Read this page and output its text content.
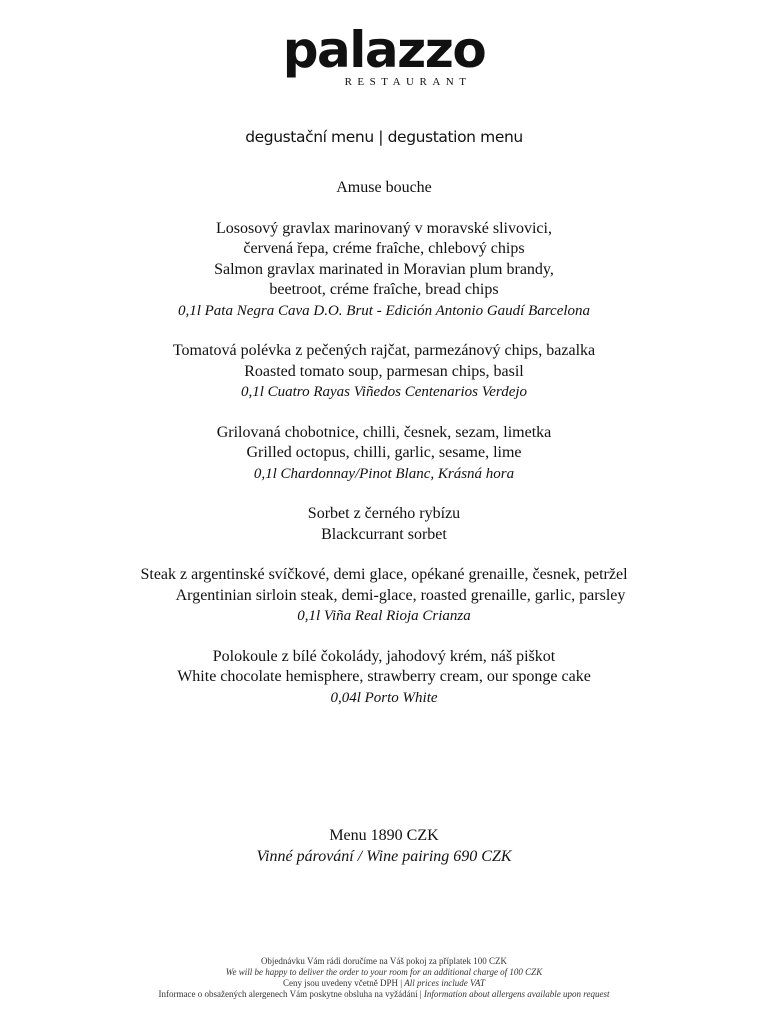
palazzo
RESTAURANT
degustační menu | degustation menu
Amuse bouche
Lososový gravlax marinovaný v moravské slivovici,
červená řepa, créme fraîche, chlebový chips
Salmon gravlax marinated in Moravian plum brandy,
beetroot, créme fraîche, bread chips
0,1l Pata Negra Cava D.O. Brut - Edición Antonio Gaudí Barcelona
Tomatová polévka z pečených rajčat, parmezánový chips, bazalka
Roasted tomato soup, parmesan chips, basil
0,1l Cuatro Rayas Viñedos Centenarios Verdejo
Grilovaná chobotnice, chilli, česnek, sezam, limetka
Grilled octopus, chilli, garlic, sesame, lime
0,1l Chardonnay/Pinot Blanc, Krásná hora
Sorbet z černého rybízu
Blackcurrant sorbet
Steak z argentinské svíčkové, demi glace, opékané grenaille, česnek, petržel
Argentinian sirloin steak, demi-glace, roasted grenaille, garlic, parsley
0,1l Viña Real Rioja Crianza
Polokoule z bílé čokolády, jahodový krém, náš piškot
White chocolate hemisphere, strawberry cream, our sponge cake
0,04l Porto White
Menu 1890 CZK
Vinné párování / Wine pairing 690 CZK
Objednávku Vám rádi doručíme na Váš pokoj za příplatek 100 CZK
We will be happy to deliver the order to your room for an additional charge of 100 CZK
Ceny jsou uvedeny včetně DPH | All prices include VAT
Informace o obsažených alergenech Vám poskytne obsluha na vyžádání | Information about allergens available upon request
